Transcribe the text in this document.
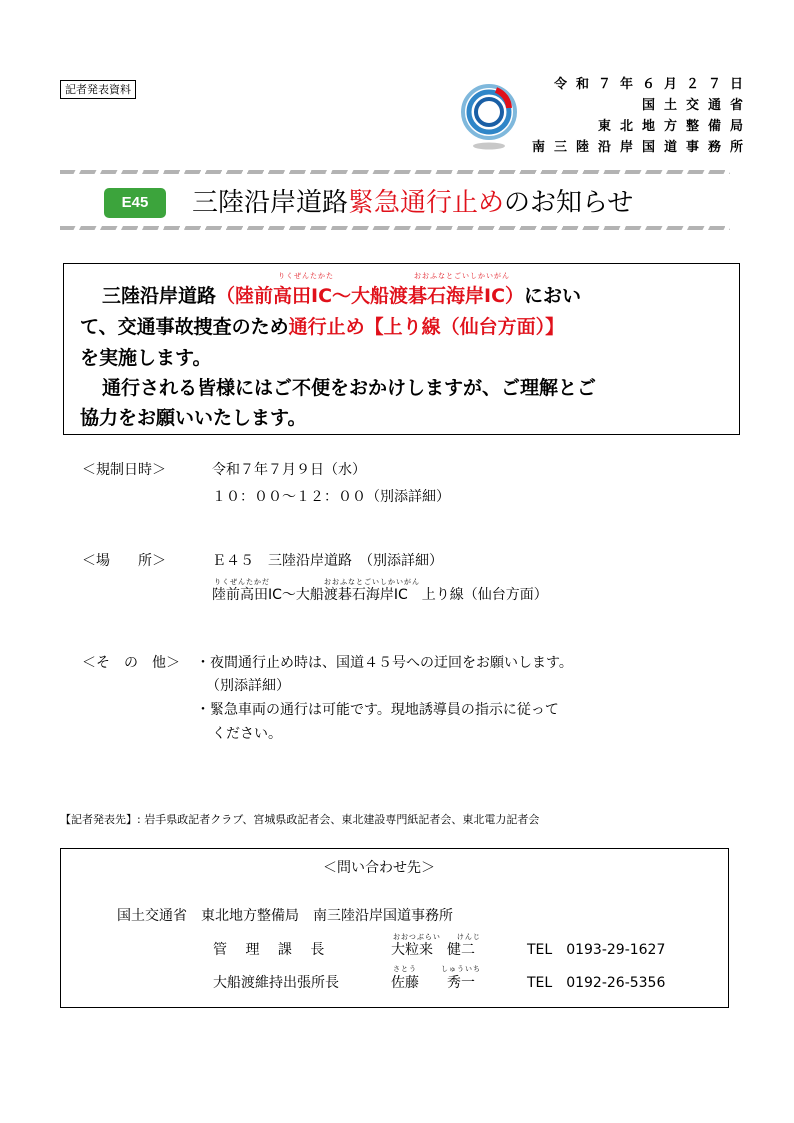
記者発表資料	令和７年６月２７日
国土交通省
東北地方整備局
南三陸沿岸国道事務所
E45	三陸沿岸道路緊急通行止めのお知らせ
りくぜんたかた	おおふなとごいしかいがん
三陸沿岸道路（陸前高田IC～大船渡碁石海岸IC）におい
て、交通事故捜査のため通行止め【上り線（仙台方面）】
を実施します。
通行される皆様にはご不便をおかけしますが、ご理解とご
協力をお願いいたします。
＜規制日時＞	令和７年７月９日（水）
１０：００～１２：００（別添詳細）
＜場　　所＞	Ｅ４５　三陸沿岸道路　（別添詳細）
りくぜんたかだ	おおふなとごいしかいがん
陸前高田IC～大船渡碁石海岸IC　上り線（仙台方面）
＜そ　の　他＞ ・夜間通行止め時は、国道４５号への迂回をお願いします。
（別添詳細）
・緊急車両の通行は可能です。現地誘導員の指示に従って
ください。
【記者発表先】: 岩手県政記者クラブ、宮城県政記者会、東北建設専門紙記者会、東北電力記者会
＜問い合わせ先＞
国土交通省　東北地方整備局　南三陸沿岸国道事務所
おおつぶらい　　けんじ
管　 理 　課　 長	大粒来　健二	TEL　0193-29-1627
さとう　　　しゅういち
大船渡維持出張所長	佐藤　　秀一	TEL　0192-26-5356
